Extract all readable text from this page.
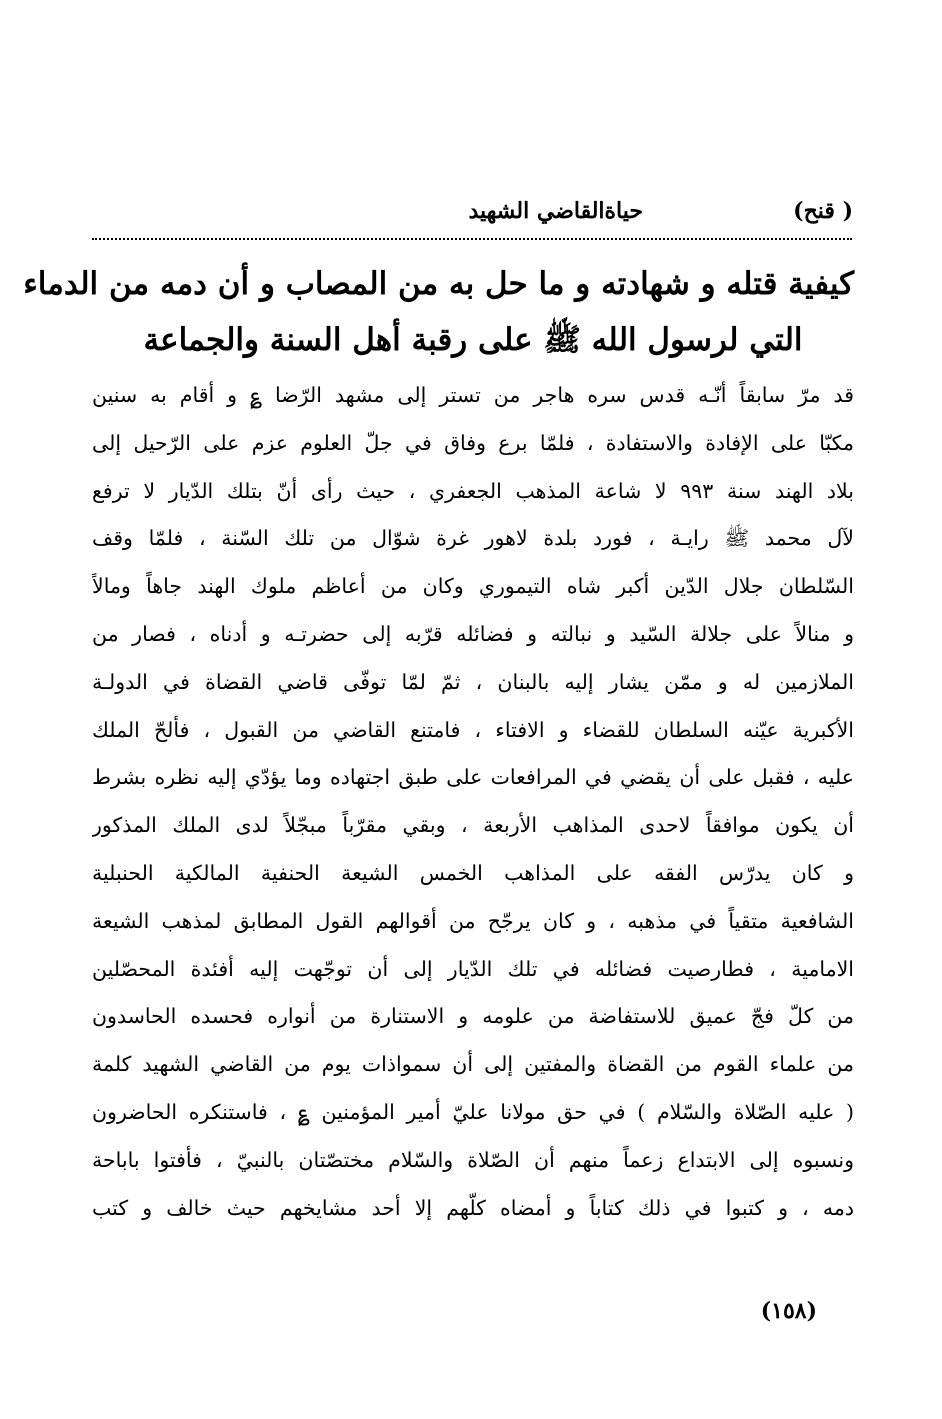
( قنح)
حياةالقاضي الشهيد
كيفية قتله و شهادته و ما حل به من المصاب و أن دمه من الدماء
التي لرسول الله ﷺ على رقبة أهل السنة والجماعة
قد مرّ سابقاً أنّـه قدس سره هاجر من تستر إلى مشهد الرّضا ؏ و أقام به سنين
مكبّا على الإفادة والاستفادة ، فلمّا برع وفاق في جلّ العلوم عزم على الرّحيل إلى
بلاد الهند سنة ٩٩٣ لا شاعة المذهب الجعفري ، حيث رأى أنّ بتلك الدّيار لا ترفع
لآل محمد ﷺ رايـة ، فورد بلدة لاهور غرة شوّال من تلك السّنة ، فلمّا وقف
السّلطان جلال الدّين أكبر شاه التيموري وكان من أعاظم ملوك الهند جاهاً ومالاً
و منالاً على جلالة السّيد و نبالته و فضائله قرّبه إلى حضرتـه و أدناه ، فصار من
الملازمين له و ممّن يشار إليه بالبنان ، ثمّ لمّا توفّى قاضي القضاة في الدولـة
الأكبرية عيّنه السلطان للقضاء و الافتاء ، فامتنع القاضي من القبول ، فألحّ الملك
عليه ، فقبل على أن يقضي في المرافعات على طبق اجتهاده وما يؤدّي إليه نظره بشرط
أن يكون موافقاً لاحدى المذاهب الأربعة ، وبقي مقرّباً مبجّلاً لدى الملك المذكور
و كان يدرّس الفقه على المذاهب الخمس الشيعة الحنفية المالكية الحنبلية
الشافعية متقياً في مذهبه ، و كان يرجّح من أقوالهم القول المطابق لمذهب الشيعة
الامامية ، فطارصيت فضائله في تلك الدّيار إلى أن توجّهت إليه أفئدة المحصّلين
من كلّ فجّ عميق للاستفاضة من علومه و الاستنارة من أنواره فحسده الحاسدون
من علماء القوم من القضاة والمفتين إلى أن سمواذات يوم من القاضي الشهيد كلمة
( عليه الصّلاة والسّلام ) في حق مولانا عليّ أمير المؤمنين ؏ ، فاستنكره الحاضرون
ونسبوه إلى الابتداع زعماً منهم أن الصّلاة والسّلام مختصّتان بالنبيّ ، فأفتوا باباحة
دمه ، و كتبوا في ذلك كتاباً و أمضاه كلّهم إلا أحد مشايخهم حيث خالف و كتب
(١٥٨)
